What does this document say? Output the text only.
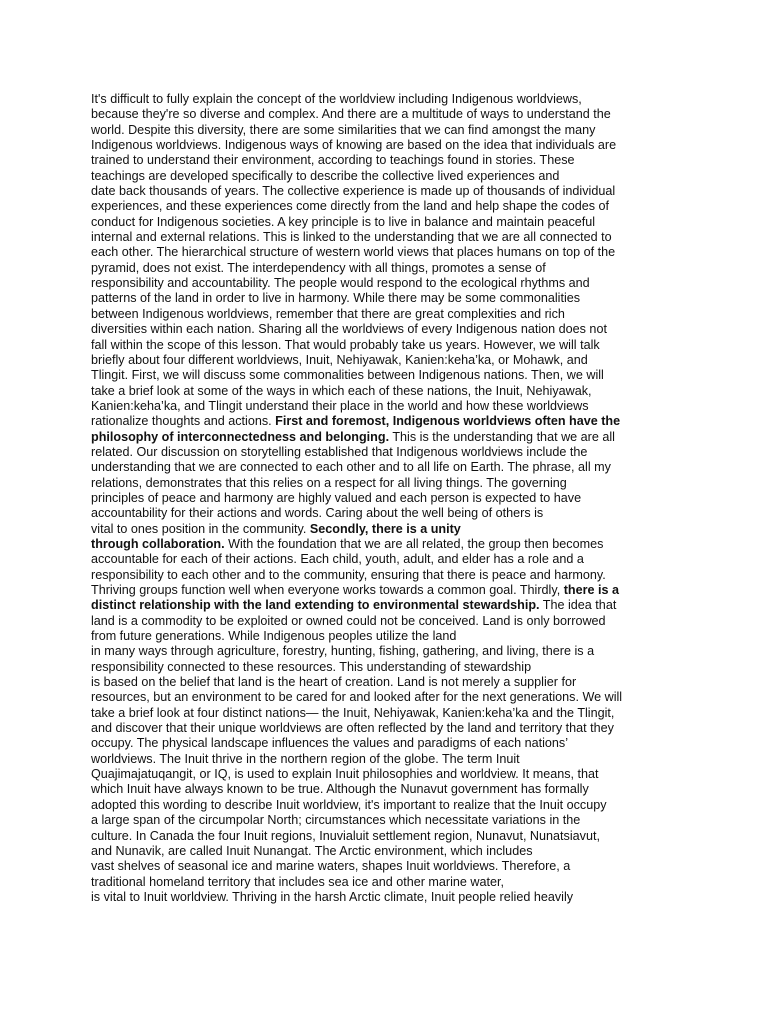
It's difficult to fully explain the concept of the worldview including Indigenous worldviews,
because they're so diverse and complex. And there are a multitude of ways to understand the
world. Despite this diversity, there are some similarities that we can find amongst the many
Indigenous worldviews. Indigenous ways of knowing are based on the idea that individuals are
trained to understand their environment, according to teachings found in stories. These
teachings are developed specifically to describe the collective lived experiences and
date back thousands of years. The collective experience is made up of thousands of individual
experiences, and these experiences come directly from the land and help shape the codes of
conduct for Indigenous societies. A key principle is to live in balance and maintain peaceful
internal and external relations. This is linked to the understanding that we are all connected to
each other. The hierarchical structure of western world views that places humans on top of the
pyramid, does not exist. The interdependency with all things, promotes a sense of
responsibility and accountability. The people would respond to the ecological rhythms and
patterns of the land in order to live in harmony. While there may be some commonalities
between Indigenous worldviews, remember that there are great complexities and rich
diversities within each nation. Sharing all the worldviews of every Indigenous nation does not
fall within the scope of this lesson. That would probably take us years. However, we will talk
briefly about four different worldviews, Inuit, Nehiyawak, Kanien:keha’ka, or Mohawk, and
Tlingit. First, we will discuss some commonalities between Indigenous nations. Then, we will
take a brief look at some of the ways in which each of these nations, the Inuit, Nehiyawak,
Kanien:keha’ka, and Tlingit understand their place in the world and how these worldviews
rationalize thoughts and actions. First and foremost, Indigenous worldviews often have the
philosophy of interconnectedness and belonging. This is the understanding that we are all
related. Our discussion on storytelling established that Indigenous worldviews include the
understanding that we are connected to each other and to all life on Earth. The phrase, all my
relations, demonstrates that this relies on a respect for all living things. The governing
principles of peace and harmony are highly valued and each person is expected to have
accountability for their actions and words. Caring about the well being of others is
vital to ones position in the community. Secondly, there is a unity
through collaboration. With the foundation that we are all related, the group then becomes
accountable for each of their actions. Each child, youth, adult, and elder has a role and a
responsibility to each other and to the community, ensuring that there is peace and harmony.
Thriving groups function well when everyone works towards a common goal. Thirdly, there is a
distinct relationship with the land extending to environmental stewardship. The idea that
land is a commodity to be exploited or owned could not be conceived. Land is only borrowed
from future generations. While Indigenous peoples utilize the land
in many ways through agriculture, forestry, hunting, fishing, gathering, and living, there is a
responsibility connected to these resources. This understanding of stewardship
is based on the belief that land is the heart of creation. Land is not merely a supplier for
resources, but an environment to be cared for and looked after for the next generations. We will
take a brief look at four distinct nations— the Inuit, Nehiyawak, Kanien:keha’ka and the Tlingit,
and discover that their unique worldviews are often reflected by the land and territory that they
occupy. The physical landscape influences the values and paradigms of each nations’
worldviews. The Inuit thrive in the northern region of the globe. The term Inuit
Quajimajatuqangit, or IQ, is used to explain Inuit philosophies and worldview. It means, that
which Inuit have always known to be true. Although the Nunavut government has formally
adopted this wording to describe Inuit worldview, it's important to realize that the Inuit occupy
a large span of the circumpolar North; circumstances which necessitate variations in the
culture. In Canada the four Inuit regions, Inuvialuit settlement region, Nunavut, Nunatsiavut,
and Nunavik, are called Inuit Nunangat. The Arctic environment, which includes
vast shelves of seasonal ice and marine waters, shapes Inuit worldviews. Therefore, a
traditional homeland territory that includes sea ice and other marine water,
is vital to Inuit worldview. Thriving in the harsh Arctic climate, Inuit people relied heavily
